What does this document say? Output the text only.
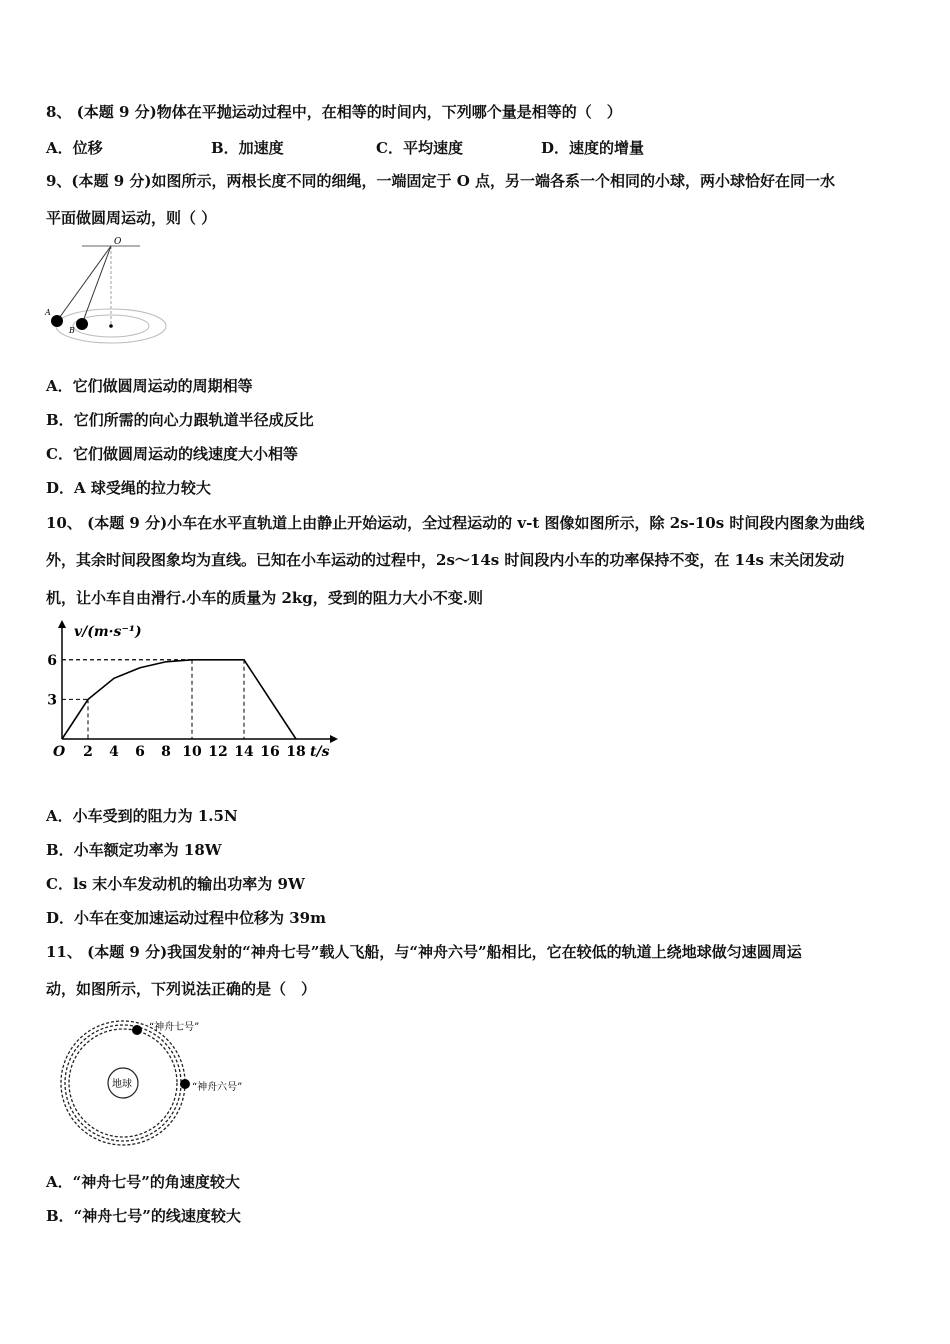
8、 (本题 9 分)物体在平抛运动过程中，在相等的时间内，下列哪个量是相等的（　）
A．位移	B．加速度	C．平均速度	D．速度的增量
9、(本题 9 分)如图所示，两根长度不同的细绳，一端固定于 O 点，另一端各系一个相同的小球，两小球恰好在同一水
平面做圆周运动，则（ ）
O
A
B
A．它们做圆周运动的周期相等
B．它们所需的向心力跟轨道半径成反比
C．它们做圆周运动的线速度大小相等
D．A 球受绳的拉力较大
10、 (本题 9 分)小车在水平直轨道上由静止开始运动，全过程运动的 v-t 图像如图所示，除 2s-10s 时间段内图象为曲线
外，其余时间段图象均为直线。已知在小车运动的过程中，2s～14s 时间段内小车的功率保持不变，在 14s 末关闭发动
机，让小车自由滑行.小车的质量为 2kg，受到的阻力大小不变.则
2 4 6 8 10 12 14 16 18
3
6
v/(m·s⁻¹)
t/s
O
A．小车受到的阻力为 1.5N
B．小车额定功率为 18W
C．ls 末小车发动机的输出功率为 9W
D．小车在变加速运动过程中位移为 39m
11、 (本题 9 分)我国发射的“神舟七号”载人飞船，与“神舟六号”船相比，它在较低的轨道上绕地球做匀速圆周运
动，如图所示，下列说法正确的是（　）
地球
“神舟七号”
“神舟六号”
A．“神舟七号”的角速度较大
B．“神舟七号”的线速度较大
